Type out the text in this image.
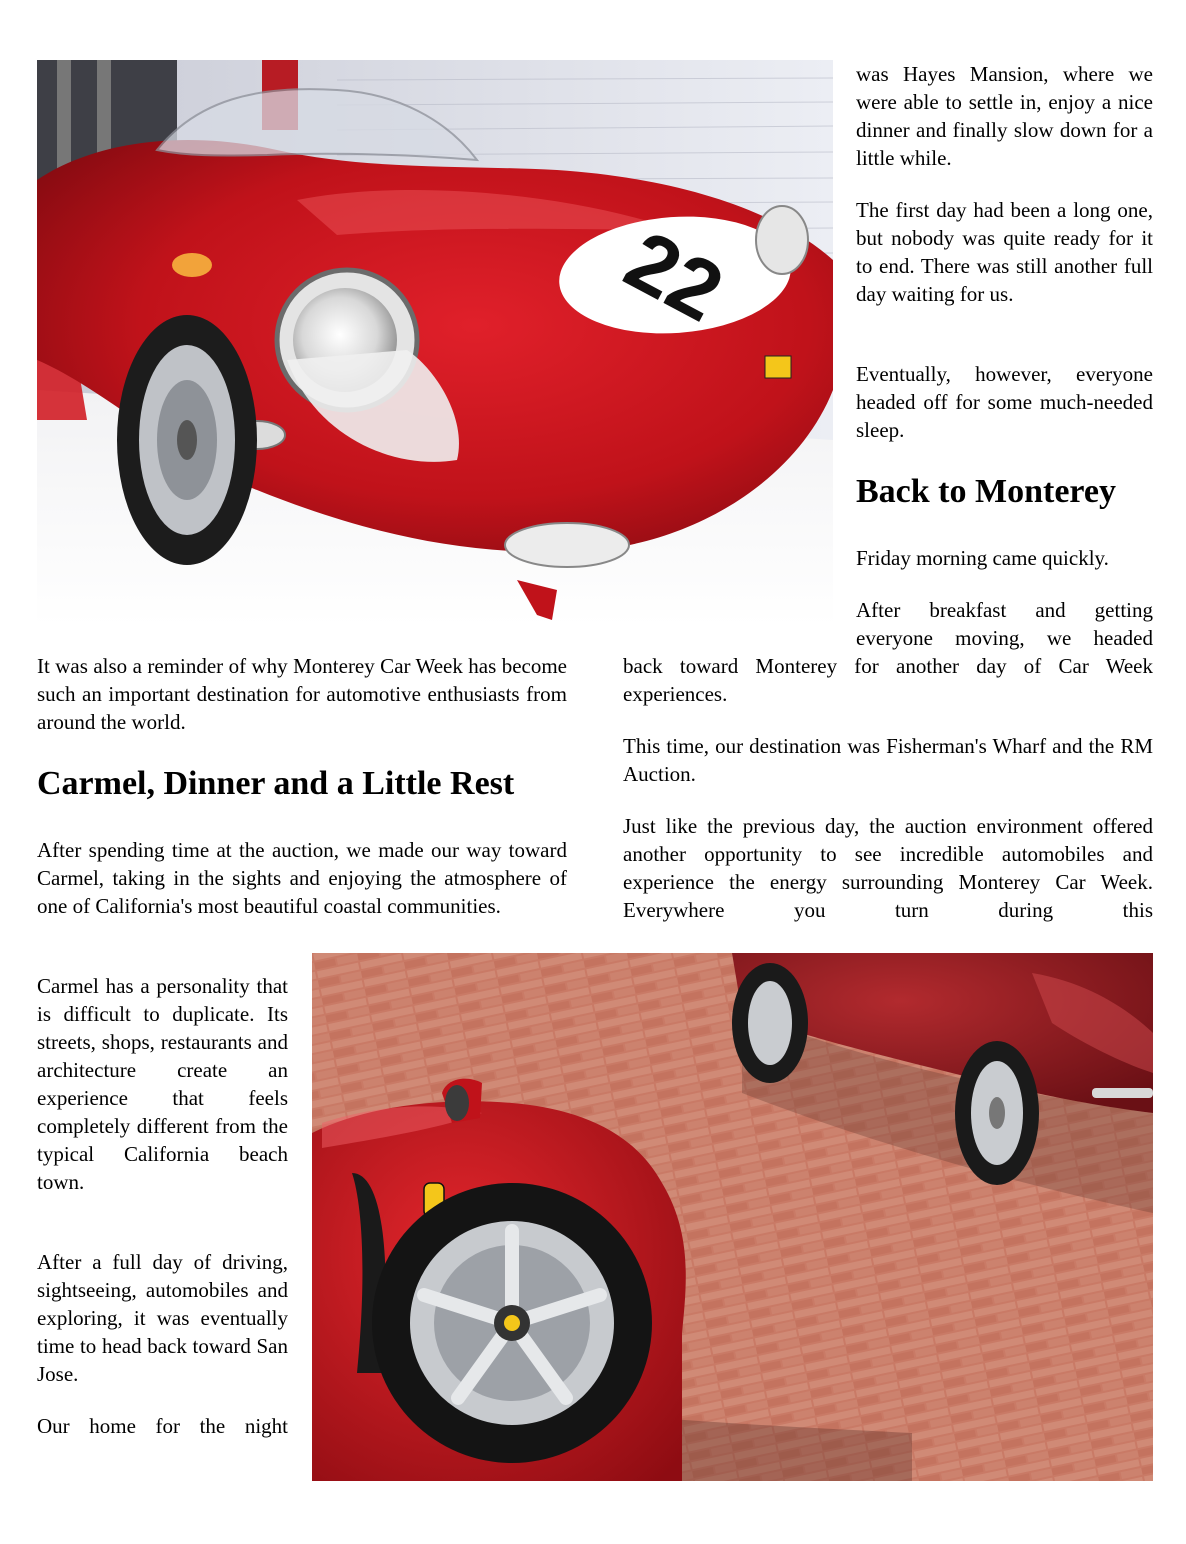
22

was Hayes Mansion, where we were able to settle in, enjoy a nice dinner and finally slow down for a little while.

The first day had been a long one, but nobody was quite ready for it to end. There was still another full day waiting for us.

Eventually, however, everyone headed off for some much-needed sleep.

Back to Monterey

Friday morning came quickly.

After breakfast and getting everyone moving, we headed

back toward Monterey for another day of Car Week experiences.

This time, our destination was Fisherman's Wharf and the RM Auction.

Just like the previous day, the auction environment offered another opportunity to see incredible automobiles and experience the energy surrounding Monterey Car Week. Everywhere you turn during this

It was also a reminder of why Monterey Car Week has become such an important destination for automotive enthusiasts from around the world.

Carmel, Dinner and a Little Rest

After spending time at the auction, we made our way toward Carmel, taking in the sights and enjoying the atmosphere of one of California's most beautiful coastal communities.

Carmel has a personality that is difficult to duplicate. Its streets, shops, restaurants and architecture create an experience that feels completely different from the typical California beach town.

After a full day of driving, sightseeing, automobiles and exploring, it was eventually time to head back toward San Jose.

Our home for the night
